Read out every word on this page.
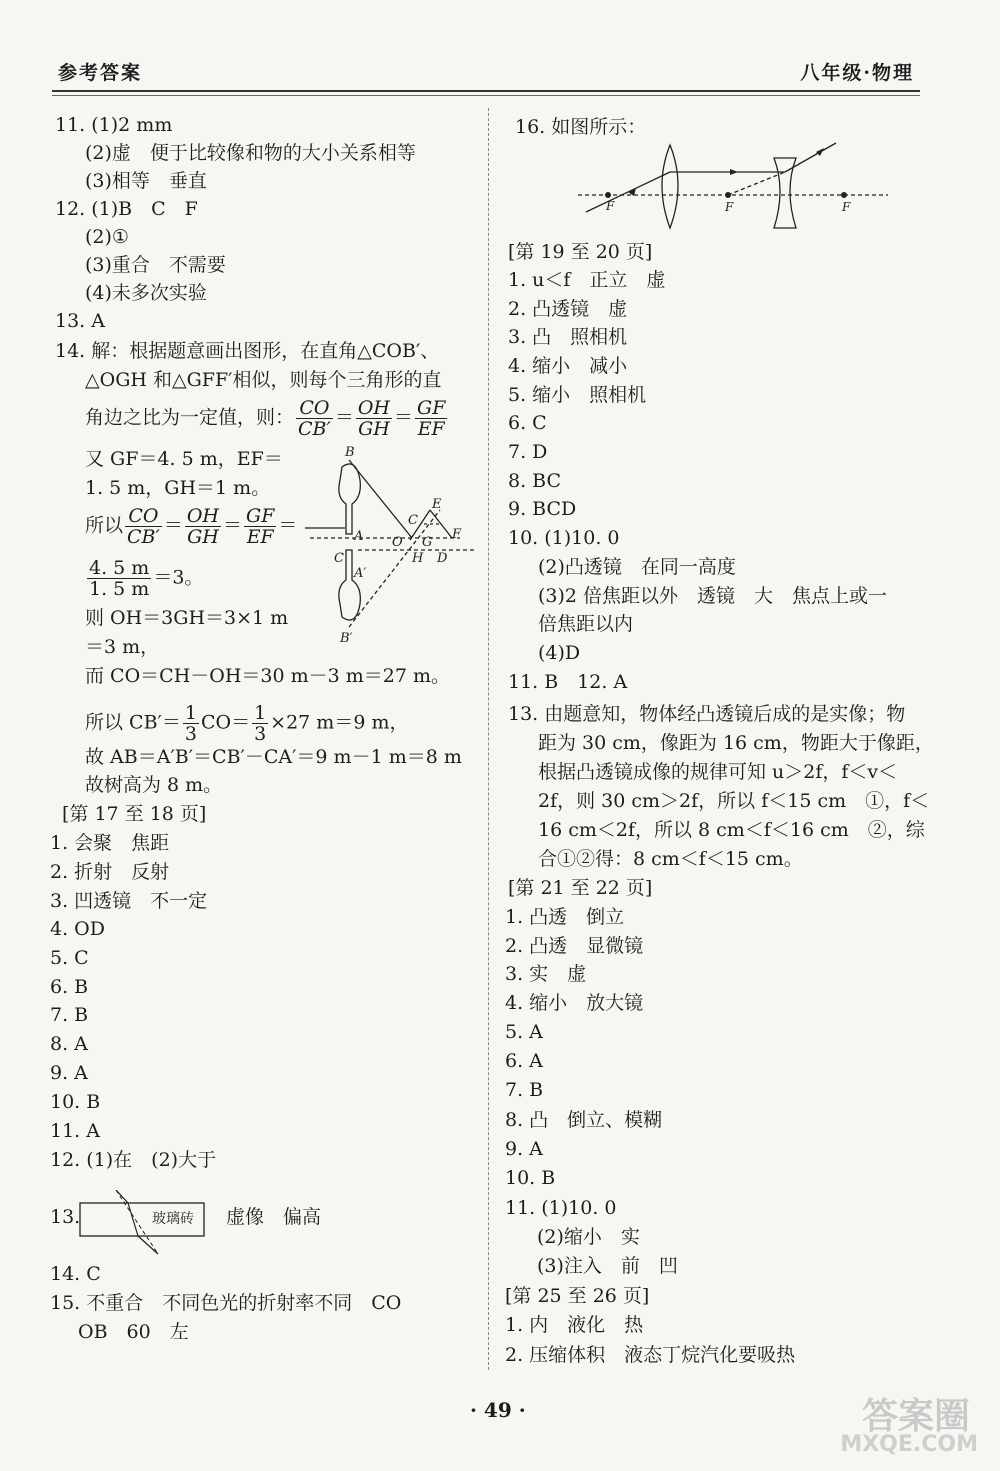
参考答案	八年级·物理
11. (1)2 mm
(2)虚　便于比较像和物的大小关系相等
(3)相等　垂直
12. (1)B　C　F
(2)①
(3)重合　不需要
(4)未多次实验
13. A
14. 解：根据题意画出图形，在直角△COB′、
△OGH 和△GFF′相似，则每个三角形的直
角边之比为一定值，则： $\frac{CO}{CB'} = \frac{OH}{GH} = \frac{GF}{EF}$
又 GF＝4. 5 m，EF＝
1. 5 m，GH＝1 m。
所以 $\frac{CO}{CB'} = \frac{OH}{GH} = \frac{GF}{EF}$ ＝
$\frac{4. 5 m}{1. 5 m} =3$。
则 OH＝3GH＝3×1 m
＝3 m，
而 CO＝CH－OH＝30 m－3 m＝27 m。
所以 $CB'= \frac{1}{3} CO= \frac{1}{3} \times 27$ m＝9 m，
故 AB＝A′B′＝CB′－CA′＝9 m－1 m＝8 m
故树高为 8 m。
B
E
C
A O
H
G
F
D
C
A′
B′
[第 17 至 18 页]
1. 会聚　焦距
2. 折射　反射
3. 凹透镜　不一定
4. OD
5. C
6. B
7. B
8. A
9. A
10. B
11. A
12. (1)在　(2)大于
13.	玻璃砖 虚像　偏高
14. C
15. 不重合　不同色光的折射率不同　CO
OB　60　左
16. 如图所示：
F	F	F
[第 19 至 20 页]
1. u＜f　正立　虚
2. 凸透镜　虚
3. 凸　照相机
4. 缩小　减小
5. 缩小　照相机
6. C
7. D
8. BC
9. BCD
10. (1)10. 0
(2)凸透镜　在同一高度
(3)2 倍焦距以外　透镜　大　焦点上或一
倍焦距以内
(4)D
11. B　12. A
13. 由题意知，物体经凸透镜后成的是实像；物
距为 30 cm，像距为 16 cm，物距大于像距，
根据凸透镜成像的规律可知 u＞2f，f＜v＜
2f，则 30 cm＞2f，所以 f＜15 cm　①，f＜
16 cm＜2f，所以 8 cm＜f＜16 cm　②，综
合①②得：8 cm＜f＜15 cm。
[第 21 至 22 页]
1. 凸透　倒立
2. 凸透　显微镜
3. 实　虚
4. 缩小　放大镜
5. A
6. A
7. B
8. 凸　倒立、模糊
9. A
10. B
11. (1)10. 0
(2)缩小　实
(3)注入　前　凹
[第 25 至 26 页]
1. 内　液化　热
2. 压缩体积　液态丁烷汽化要吸热
· 49 ·	答案圈
MXQE.COM
